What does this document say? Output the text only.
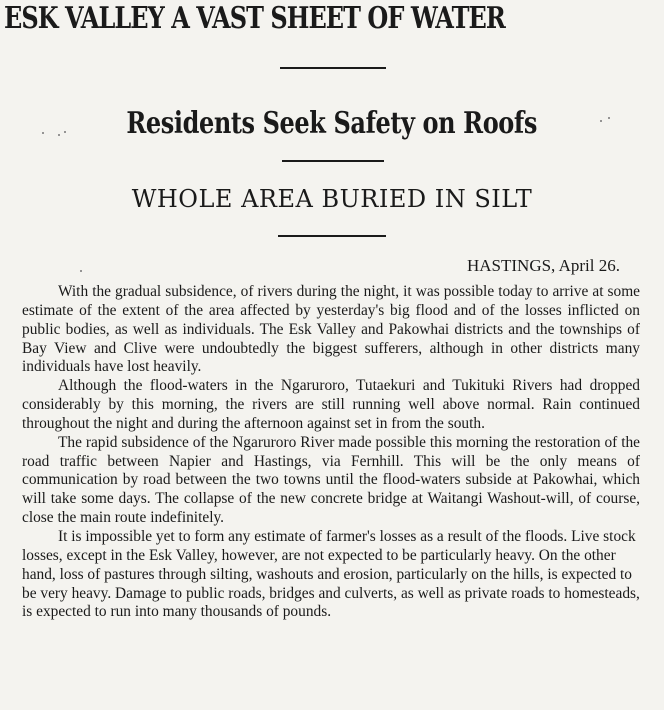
ESK VALLEY A VAST SHEET OF WATER
Residents Seek Safety on Roofs
WHOLE AREA BURIED IN SILT
HASTINGS, April 26.

With the gradual subsidence, of rivers during the night, it was possible today to arrive at some estimate of the extent of the area affected by yesterday's big flood and of the losses inflicted on public bodies, as well as individuals. The Esk Valley and Pakowhai districts and the townships of Bay View and Clive were undoubtedly the biggest sufferers, although in other districts many individuals have lost heavily.

Although the flood-waters in the Ngaruroro, Tutaekuri and Tukituki Rivers had dropped considerably by this morning, the rivers are still running well above normal. Rain continued throughout the night and during the afternoon against set in from the south.

The rapid subsidence of the Ngaruroro River made possible this morning the restoration of the road traffic between Napier and Hastings, via Fernhill. This will be the only means of communication by road between the two towns until the flood-waters subside at Pakowhai, which will take some days. The collapse of the new concrete bridge at Waitangi Washout-will, of course, close the main route indefinitely.

It is impossible yet to form any estimate of farmer's losses as a result of the floods. Live stock losses, except in the Esk Valley, however, are not expected to be particularly heavy. On the other hand, loss of pastures through silting, washouts and erosion, particularly on the hills, is expected to be very heavy. Damage to public roads, bridges and culverts, as well as private roads to homesteads, is expected to run into many thousands of pounds.
